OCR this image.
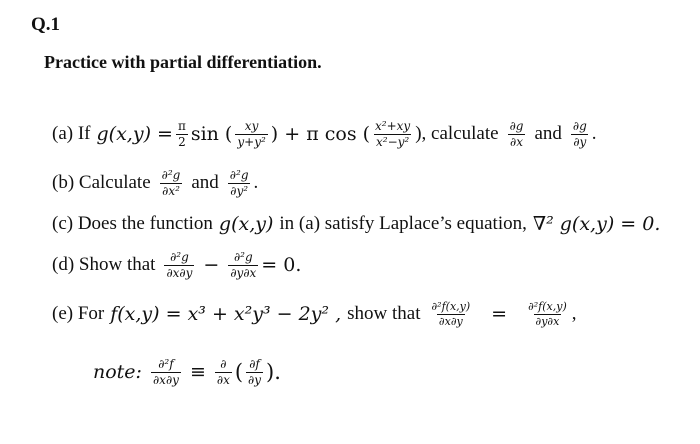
Q.1
Practice with partial differentiation.
(a) If $g(x,y) = \frac{\pi}{2}$ sin ( $\frac{xy}{\text{y+y²}}$ ) + π cos ( $\frac{\text{x²+xy}}{\text{x²−y²}}$ ), calculate $\frac{\partial g}{\partial x}$ and $\frac{\partial g}{\partial y}$ .
(b) Calculate $\frac{\text{∂²g}}{\text{∂x²}}$ and $\frac{\text{∂²g}}{\text{∂y²}}$ .
(c) Does the function g(x,y) in (a) satisfy Laplace’s equation, ∇² g(x,y) = 0.
(d) Show that $\frac{\text{∂²g}}{\partial x\partial y} - \frac{\text{∂²g}}{\partial y\partial x} = 0$.
(e) For f(x,y) = x³ + x²y³ − 2y² , show that $\frac{\text{∂²f(x,y)}}{\partial x\partial y} = \frac{\text{∂²f(x,y)}}{\partial y\partial x}$ ,
note: $\frac{\text{∂²f}}{\partial x\partial y} \equiv \frac{\partial}{\partial x}$ ( $\frac{\partial f}{\partial y}$ ).
